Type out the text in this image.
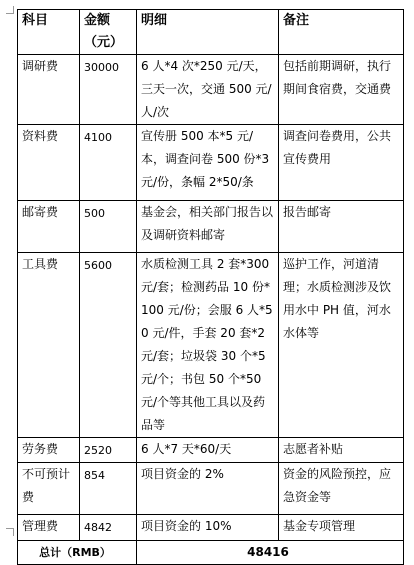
科目	金额（元）	明细	备注
调研费	30000	6 人*4 次*250 元/天，三天一次，交通 500 元/人/次	包括前期调研，执行期间食宿费，交通费
资料费	4100	宣传册 500 本*5 元/本，调查问卷 500 份*3 元/份，条幅 2*50/条	调查问卷费用，公共宣传费用
邮寄费	500	基金会，相关部门报告以及调研资料邮寄	报告邮寄
工具费	5600	水质检测工具 2 套*300 元/套；检测药品 10 份*100 元/份；会服 6 人*50 元/件，手套 20 套*2 元/套；垃圾袋 30 个*5 元/个；书包 50 个*50 元/个等其他工具以及药品等	巡护工作，河道清理；水质检测涉及饮用水中 PH 值，河水水体等
劳务费	2520	6 人*7 天*60/天	志愿者补贴
不可预计费	854	项目资金的 2%	资金的风险预控，应急资金等
管理费	4842	项目资金的 10%	基金专项管理
总计（RMB）		48416	
